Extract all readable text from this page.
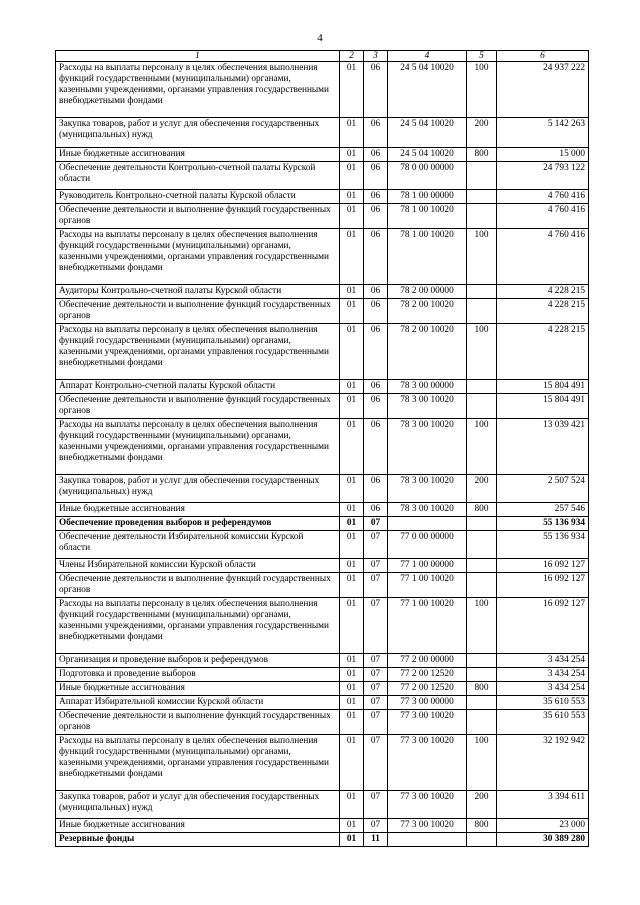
4
1	2	3	4	5	6
Расходы на выплаты персоналу в целях обеспечения выполнения функций государственными (муниципальными) органами, казенными учреждениями, органами управления государственными внебюджетными фондами	01	06	24 5 04 10020	100	24 937 222
Закупка товаров, работ и услуг для обеспечения государственных (муниципальных) нужд	01	06	24 5 04 10020	200	5 142 263
Иные бюджетные ассигнования	01	06	24 5 04 10020	800	15 000
Обеспечение деятельности Контрольно-счетной палаты Курской области	01	06	78 0 00 00000		24 793 122
Руководитель Контрольно-счетной палаты Курской области	01	06	78 1 00 00000		4 760 416
Обеспечение деятельности и выполнение функций государственных органов	01	06	78 1 00 10020		4 760 416
Расходы на выплаты персоналу в целях обеспечения выполнения функций государственными (муниципальными) органами, казенными учреждениями, органами управления государственными внебюджетными фондами	01	06	78 1 00 10020	100	4 760 416
Аудиторы Контрольно-счетной палаты Курской области	01	06	78 2 00 00000		4 228 215
Обеспечение деятельности и выполнение функций государственных органов	01	06	78 2 00 10020		4 228 215
Расходы на выплаты персоналу в целях обеспечения выполнения функций государственными (муниципальными) органами, казенными учреждениями, органами управления государственными внебюджетными фондами	01	06	78 2 00 10020	100	4 228 215
Аппарат Контрольно-счетной палаты Курской области	01	06	78 3 00 00000		15 804 491
Обеспечение деятельности и выполнение функций государственных органов	01	06	78 3 00 10020		15 804 491
Расходы на выплаты персоналу в целях обеспечения выполнения функций государственными (муниципальными) органами, казенными учреждениями, органами управления государственными внебюджетными фондами	01	06	78 3 00 10020	100	13 039 421
Закупка товаров, работ и услуг для обеспечения государственных (муниципальных) нужд	01	06	78 3 00 10020	200	2 507 524
Иные бюджетные ассигнования	01	06	78 3 00 10020	800	257 546
Обеспечение проведения выборов и референдумов	01	07			55 136 934
Обеспечение деятельности Избирательной комиссии Курской области	01	07	77 0 00 00000		55 136 934
Члены Избирательной комиссии Курской области	01	07	77 1 00 00000		16 092 127
Обеспечение деятельности и выполнение функций государственных органов	01	07	77 1 00 10020		16 092 127
Расходы на выплаты персоналу в целях обеспечения выполнения функций государственными (муниципальными) органами, казенными учреждениями, органами управления государственными внебюджетными фондами	01	07	77 1 00 10020	100	16 092 127
Организация и проведение выборов и референдумов	01	07	77 2 00 00000		3 434 254
Подготовка и проведение выборов	01	07	77 2 00 12520		3 434 254
Иные бюджетные ассигнования	01	07	77 2 00 12520	800	3 434 254
Аппарат Избирательной комиссии Курской области	01	07	77 3 00 00000		35 610 553
Обеспечение деятельности и выполнение функций государственных органов	01	07	77 3 00 10020		35 610 553
Расходы на выплаты персоналу в целях обеспечения выполнения функций государственными (муниципальными) органами, казенными учреждениями, органами управления государственными внебюджетными фондами	01	07	77 3 00 10020	100	32 192 942
Закупка товаров, работ и услуг для обеспечения государственных (муниципальных) нужд	01	07	77 3 00 10020	200	3 394 611
Иные бюджетные ассигнования	01	07	77 3 00 10020	800	23 000
Резервные фонды	01	11			30 389 280
